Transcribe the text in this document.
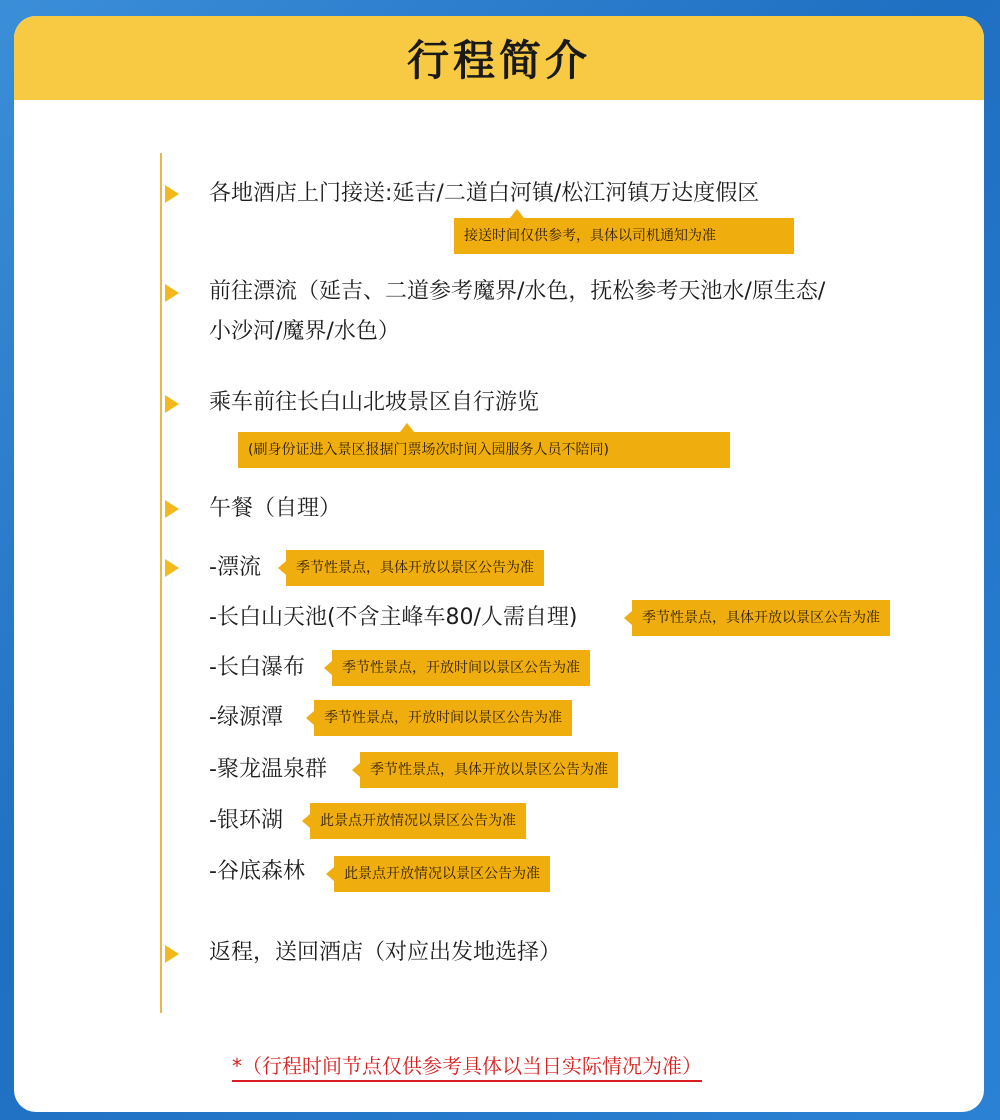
行程简介
各地酒店上门接送:延吉/二道白河镇/松江河镇万达度假区
接送时间仅供参考，具体以司机通知为准
前往漂流（延吉、二道参考魔界/水色，抚松参考天池水/原生态/
小沙河/魔界/水色）
乘车前往长白山北坡景区自行游览
(刷身份证进入景区报据门票场次时间入园服务人员不陪同)
午餐（自理）
-漂流	季节性景点，具体开放以景区公告为准
-长白山天池(不含主峰车80/人需自理)	季节性景点，具体开放以景区公告为准
-长白瀑布	季节性景点，开放时间以景区公告为准
-绿源潭	季节性景点，开放时间以景区公告为准
-聚龙温泉群	季节性景点，具体开放以景区公告为准
-银环湖	此景点开放情况以景区公告为准
-谷底森林	此景点开放情况以景区公告为准
返程，送回酒店（对应出发地选择）
*（行程时间节点仅供参考具体以当日实际情况为准）
